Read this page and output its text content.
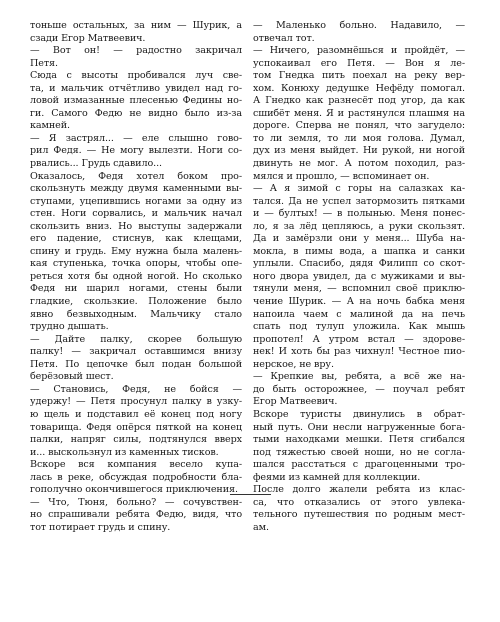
тоньше остальных, за ним — Шурик, а
сзади Егор Матвеевич.
— Вот он! — радостно закричал
Петя.
Сюда с высоты пробивался луч све-
та, и мальчик отчётливо увидел над го-
ловой измазанные плесенью Федины но-
ги. Самого Федю не видно было из-за
камней.
— Я застрял... — еле слышно гово-
рил Федя. — Не могу вылезти. Ноги со-
рвались... Грудь сдавило...
Оказалось, Федя хотел боком про-
скользнуть между двумя каменными вы-
ступами, уцепившись ногами за одну из
стен. Ноги сорвались, и мальчик начал
скользить вниз. Но выступы задержали
его падение, стиснув, как клещами,
спину и грудь. Ему нужна была малень-
кая ступенька, точка опоры, чтобы опе-
реться хотя бы одной ногой. Но сколько
Федя ни шарил ногами, стены были
гладкие, скользкие. Положение было
явно безвыходным. Мальчику стало
трудно дышать.
— Дайте палку, скорее большую
палку! — закричал оставшимся внизу
Петя. По цепочке был подан большой
берёзовый шест.
— Становись, Федя, не бойся —
удержу! — Петя просунул палку в узку-
ю щель и подставил её конец под ногу
товарища. Федя опёрся пяткой на конец
палки, напряг силы, подтянулся вверх
и... выскользнул из каменных тисков.
Вскоре вся компания весело купа-
лась в реке, обсуждая подробности бла-
гополучно окончившегося приключения.
— Что, Тюня, больно? — сочувствен-
но спрашивали ребята Федю, видя, что
тот потирает грудь и спину.
— Маленько больно. Надавило, —
отвечал тот.
— Ничего, разомнёшься и пройдёт, —
успокаивал его Петя. — Вон я ле-
том Гнедка пить поехал на реку вер-
хом. Конюху дедушке Нефёду помогал.
А Гнедко как разнесёт под угор, да как
сшибёт меня. Я и растянулся плашмя на
дороге. Сперва не понял, что загудело:
то ли земля, то ли моя голова. Думал,
дух из меня выйдет. Ни рукой, ни ногой
двинуть не мог. А потом походил, раз-
мялся и прошло, — вспоминает он.
— А я зимой с горы на салазках ка-
тался. Да не успел затормозить пятками
и — бултых! — в полынью. Меня понес-
ло, я за лёд цепляюсь, а руки скользят.
Да и замёрзли они у меня... Шуба на-
мокла, в пимы вода, а шапка и санки
уплыли. Спасибо, дядя Филипп со скот-
ного двора увидел, да с мужиками и вы-
тянули меня, — вспомнил своё приклю-
чение Шурик. — А на ночь бабка меня
напоила чаем с малиной да на печь
спать под тулуп уложила. Как мышь
пропотел! А утром встал — здорове-
нек! И хоть бы раз чихнул! Честное пио-
нерское, не вру.
— Крепкие вы, ребята, а всё же на-
до быть осторожнее, — поучал ребят
Егор Матвеевич.
Вскоре туристы двинулись в обрат-
ный путь. Они несли нагруженные бога-
тыми находками мешки. Петя сгибался
под тяжестью своей ноши, но не согла-
шался расстаться с драгоценными тро-
феями из камней для коллекции.
После долго жалели ребята из клас-
са, что отказались от этого увлека-
тельного путешествия по родным мест-
ам.
